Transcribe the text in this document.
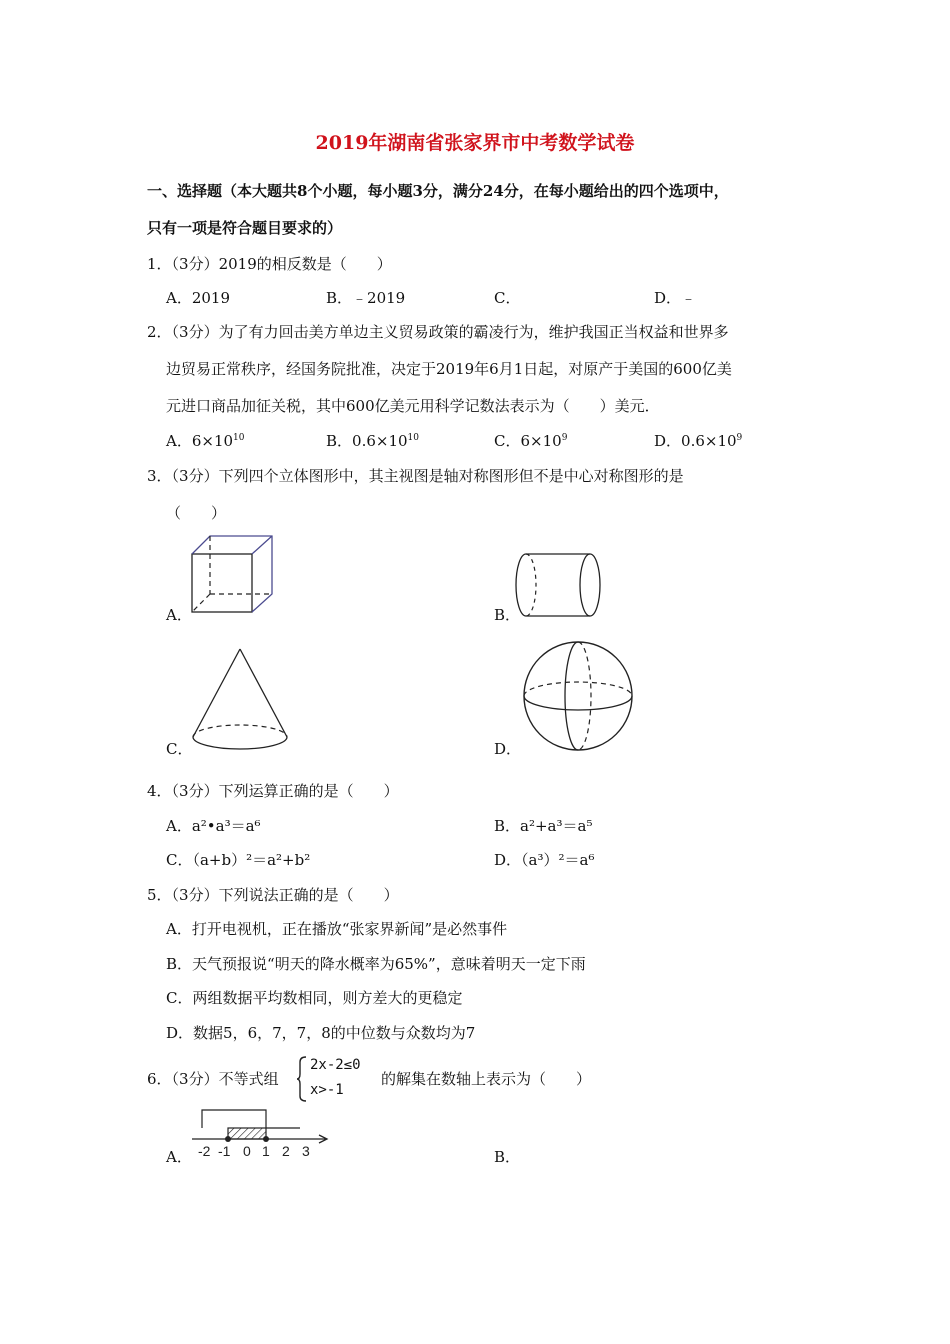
2019年湖南省张家界市中考数学试卷
一、选择题（本大题共8个小题，每小题3分，满分24分，在每小题给出的四个选项中，
只有一项是符合题目要求的）
1．（3分）2019的相反数是（　　）
A．2019	B．﹣2019	C．	D．﹣
2．（3分）为了有力回击美方单边主义贸易政策的霸凌行为，维护我国正当权益和世界多
边贸易正常秩序，经国务院批准，决定于2019年6月1日起，对原产于美国的600亿美
元进口商品加征关税，其中600亿美元用科学记数法表示为（　　）美元．
A．$6\times 10^{10}$	B．$0.6\times 10^{10}$	C．$6\times 10^9$	D．$0.6\times 10^9$
3．（3分）下列四个立体图形中，其主视图是轴对称图形但不是中心对称图形的是
（　　）
A．	B．
C．	D．
4．（3分）下列运算正确的是（　　）
A．a²•a³＝a⁶	B．a²+a³＝a⁵
C．（a+b）²＝a²+b²	D．（a³）²＝a⁶
5．（3分）下列说法正确的是（　　）
A．打开电视机，正在播放“张家界新闻”是必然事件
B．天气预报说“明天的降水概率为65%”，意味着明天一定下雨
C．两组数据平均数相同，则方差大的更稳定
D．数据5，6，7，7，8的中位数与众数均为7
6．（3分）不等式组
2x-2≤0
x>-1
的解集在数轴上表示为（　　）
A． -2 -1 0 1 2 3	B．
